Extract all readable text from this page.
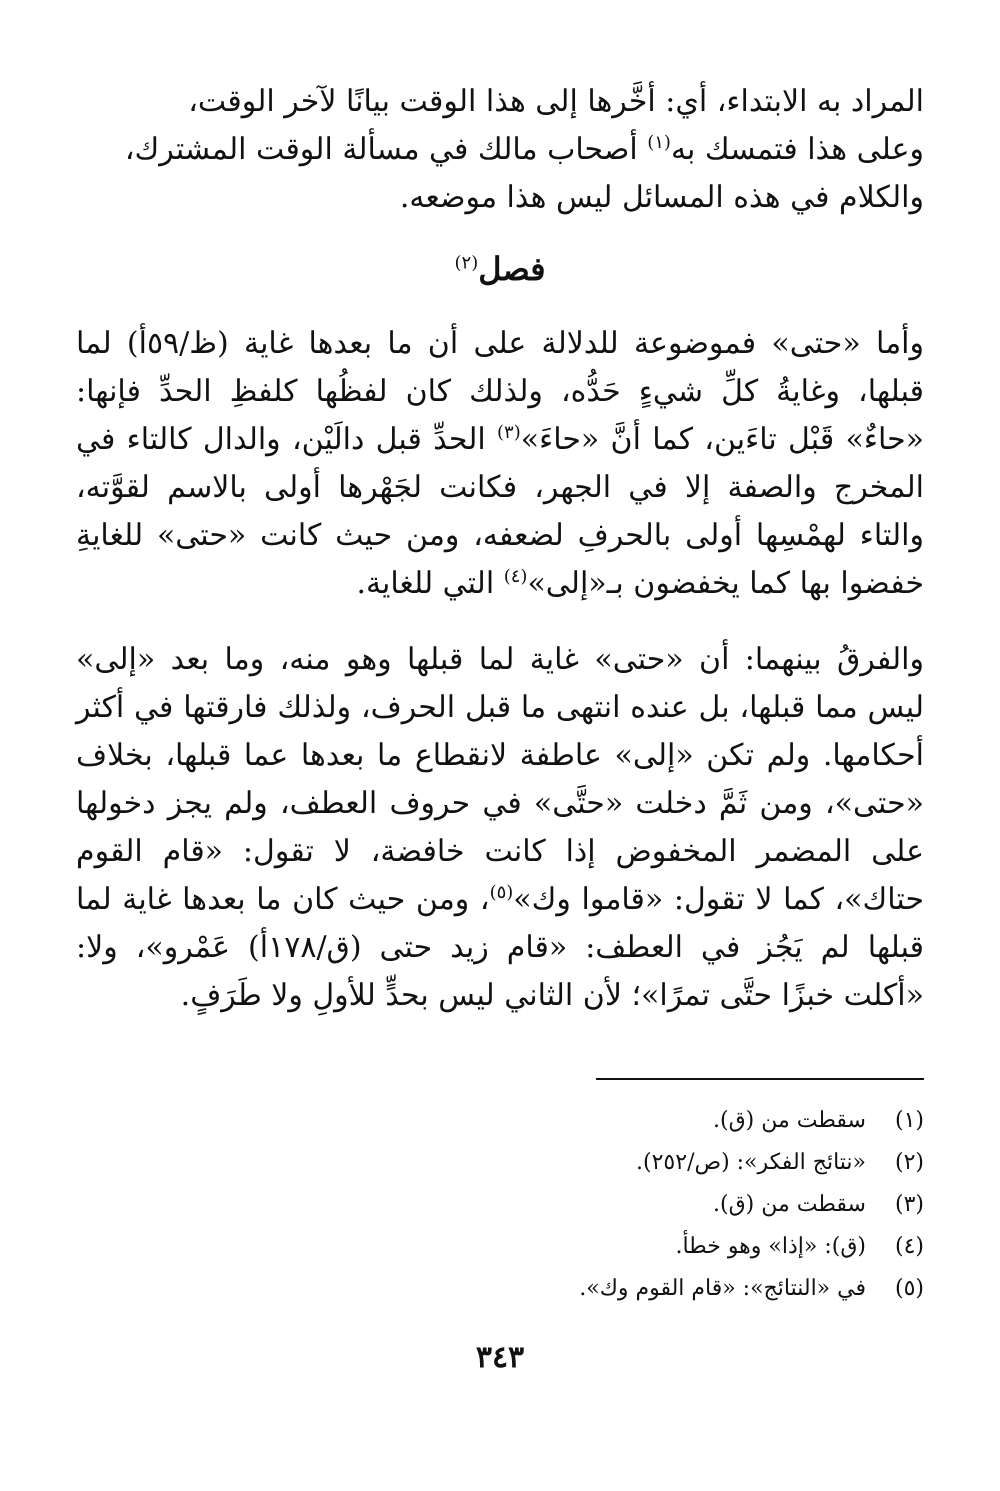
المراد به الابتداء، أي: أخَّرها إلى هذا الوقت بيانًا لآخر الوقت،
وعلى هذا فتمسك به$^{(١)}$ أصحاب مالك في مسألة الوقت المشترك،
والكلام في هذه المسائل ليس هذا موضعه.

فصل$^{(٢)}$

وأما «حتى» فموضوعة للدلالة على أن ما بعدها غاية (ظ/٥٩أ) لما قبلها، وغايةُ كلِّ شيءٍ حَدُّه، ولذلك كان لفظُها كلفظِ الحدِّ فإنها: «حاءٌ» قَبْل تاءَين، كما أنَّ «حاءَ»$^{(٣)}$ الحدِّ قبل دالَيْن، والدال كالتاء في المخرج والصفة إلا في الجهر، فكانت لجَهْرها أولى بالاسم لقوَّته، والتاء لهمْسِها أولى بالحرفِ لضعفه، ومن حيث كانت «حتى» للغايةِ خفضوا بها كما يخفضون بـ«إلى»$^{(٤)}$ التي للغاية.

والفرقُ بينهما: أن «حتى» غاية لما قبلها وهو منه، وما بعد «إلى» ليس مما قبلها، بل عنده انتهى ما قبل الحرف، ولذلك فارقتها في أكثر أحكامها. ولم تكن «إلى» عاطفة لانقطاع ما بعدها عما قبلها، بخلاف «حتى»، ومن ثَمَّ دخلت «حتَّى» في حروف العطف، ولم يجز دخولها على المضمر المخفوض إذا كانت خافضة، لا تقول: «قام القوم حتاك»، كما لا تقول: «قاموا وك»$^{(٥)}$، ومن حيث كان ما بعدها غاية لما قبلها لم يَجُز في العطف: «قام زيد حتى (ق/١٧٨أ) عَمْرو»، ولا: «أكلت خبزًا حتَّى تمرًا»؛ لأن الثاني ليس بحدٍّ للأولِ ولا طَرَفٍ.

(١)
سقطت من (ق).
(٢)
«نتائج الفكر»: (ص/٢٥٢).
(٣)
سقطت من (ق).
(٤)
(ق): «إذا» وهو خطأ.
(٥)
في «النتائج»: «قام القوم وك».
٣٤٣
